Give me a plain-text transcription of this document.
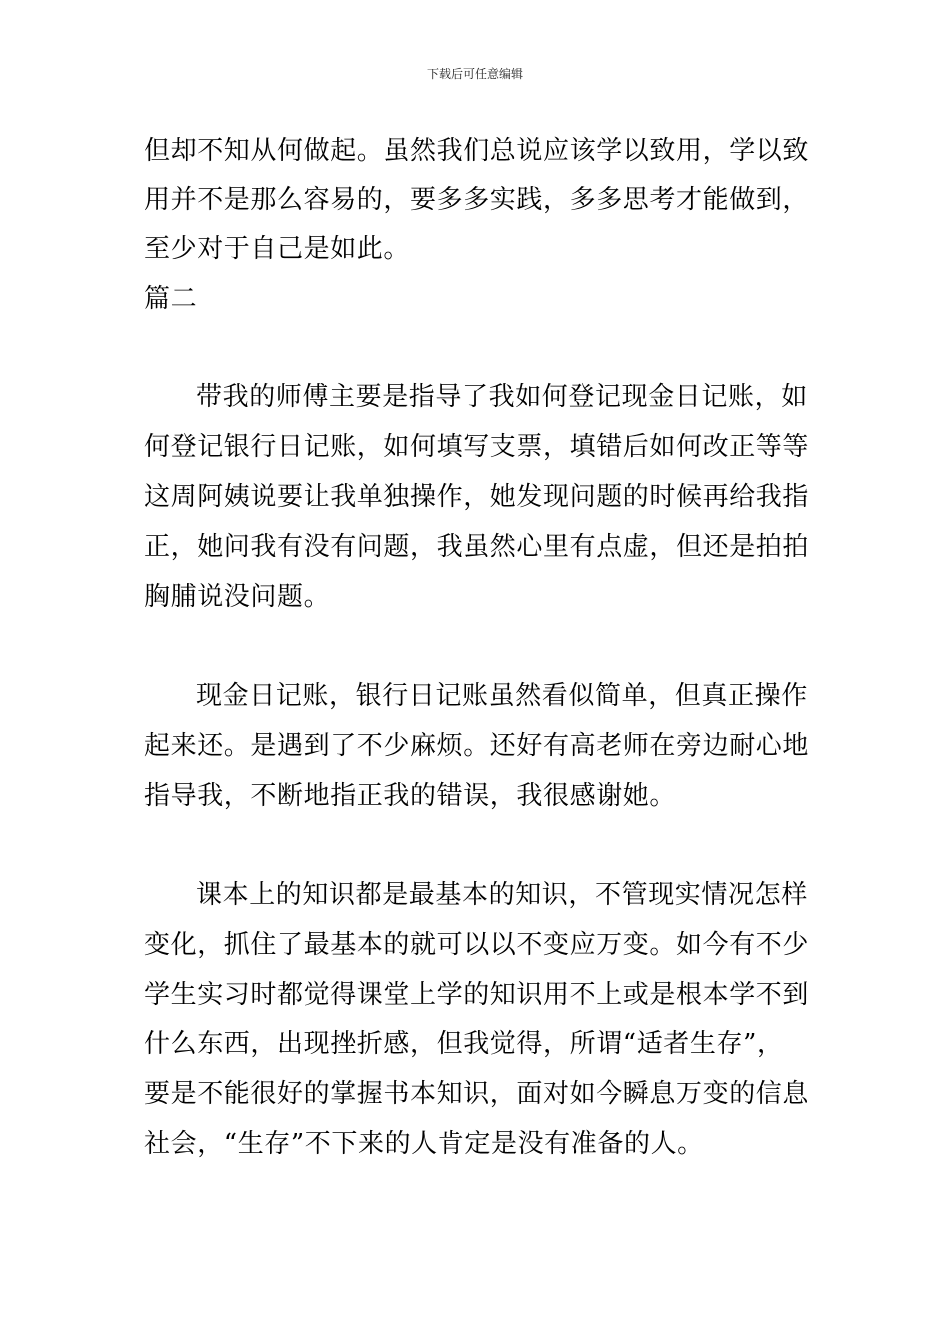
下载后可任意编辑
但却不知从何做起。虽然我们总说应该学以致用，学以致
用并不是那么容易的，要多多实践，多多思考才能做到，
至少对于自己是如此。
篇二
带我的师傅主要是指导了我如何登记现金日记账，如
何登记银行日记账，如何填写支票，填错后如何改正等等
这周阿姨说要让我单独操作，她发现问题的时候再给我指
正，她问我有没有问题，我虽然心里有点虚，但还是拍拍
胸脯说没问题。
现金日记账，银行日记账虽然看似简单，但真正操作
起来还。是遇到了不少麻烦。还好有高老师在旁边耐心地
指导我，不断地指正我的错误，我很感谢她。
课本上的知识都是最基本的知识，不管现实情况怎样
变化，抓住了最基本的就可以以不变应万变。如今有不少
学生实习时都觉得课堂上学的知识用不上或是根本学不到
什么东西，出现挫折感，但我觉得，所谓“适者生存”，
要是不能很好的掌握书本知识，面对如今瞬息万变的信息
社会，“生存”不下来的人肯定是没有准备的人。
